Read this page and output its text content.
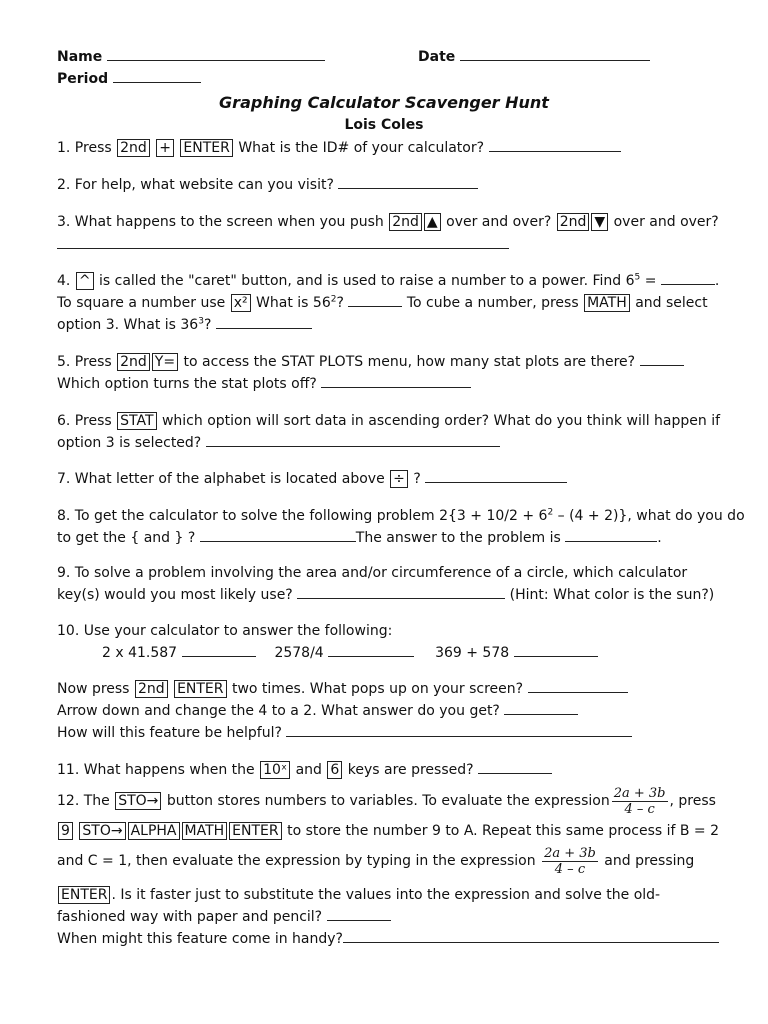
Name	Date
Period
Graphing Calculator Scavenger Hunt
Lois Coles
1. Press 2nd + ENTER What is the ID# of your calculator?
2. For help, what website can you visit?
3. What happens to the screen when you push 2nd ▲ over and over? 2nd ▼ over and over?
4. ^ is called the "caret" button, and is used to raise a number to a power. Find $6^5$ =	.
To square a number use x² What is $56^2$?	To cube a number, press MATH and select
option 3. What is $36^3$?
5. Press 2nd Y= to access the STAT PLOTS menu, how many stat plots are there?
Which option turns the stat plots off?
6. Press STAT which option will sort data in ascending order? What do you think will happen if
option 3 is selected?
7. What letter of the alphabet is located above ÷ ?
8. To get the calculator to solve the following problem $2\{3 + 10/2 + 6^2 - (4 + 2)\}$, what do you do
to get the { and } ?	The answer to the problem is	.
9. To solve a problem involving the area and/or circumference of a circle, which calculator
key(s) would you most likely use?	(Hint: What color is the sun?)
10. Use your calculator to answer the following:
2 x 41.587	2578/4	369 + 578
Now press 2nd ENTER two times. What pops up on your screen?
Arrow down and change the 4 to a 2. What answer do you get?
How will this feature be helpful?
11. What happens when the 10ˣ and 6 keys are pressed?
12. The STO→ button stores numbers to variables. To evaluate the expression $\frac{2a + 3b}{4 - c}$ , press
9 STO→ ALPHA MATH ENTER to store the number 9 to A. Repeat this same process if B = 2
and C = 1, then evaluate the expression by typing in the expression $\frac{2a + 3b}{4 - c}$ and pressing
ENTER . Is it faster just to substitute the values into the expression and solve the old-
fashioned way with paper and pencil?
When might this feature come in handy?
